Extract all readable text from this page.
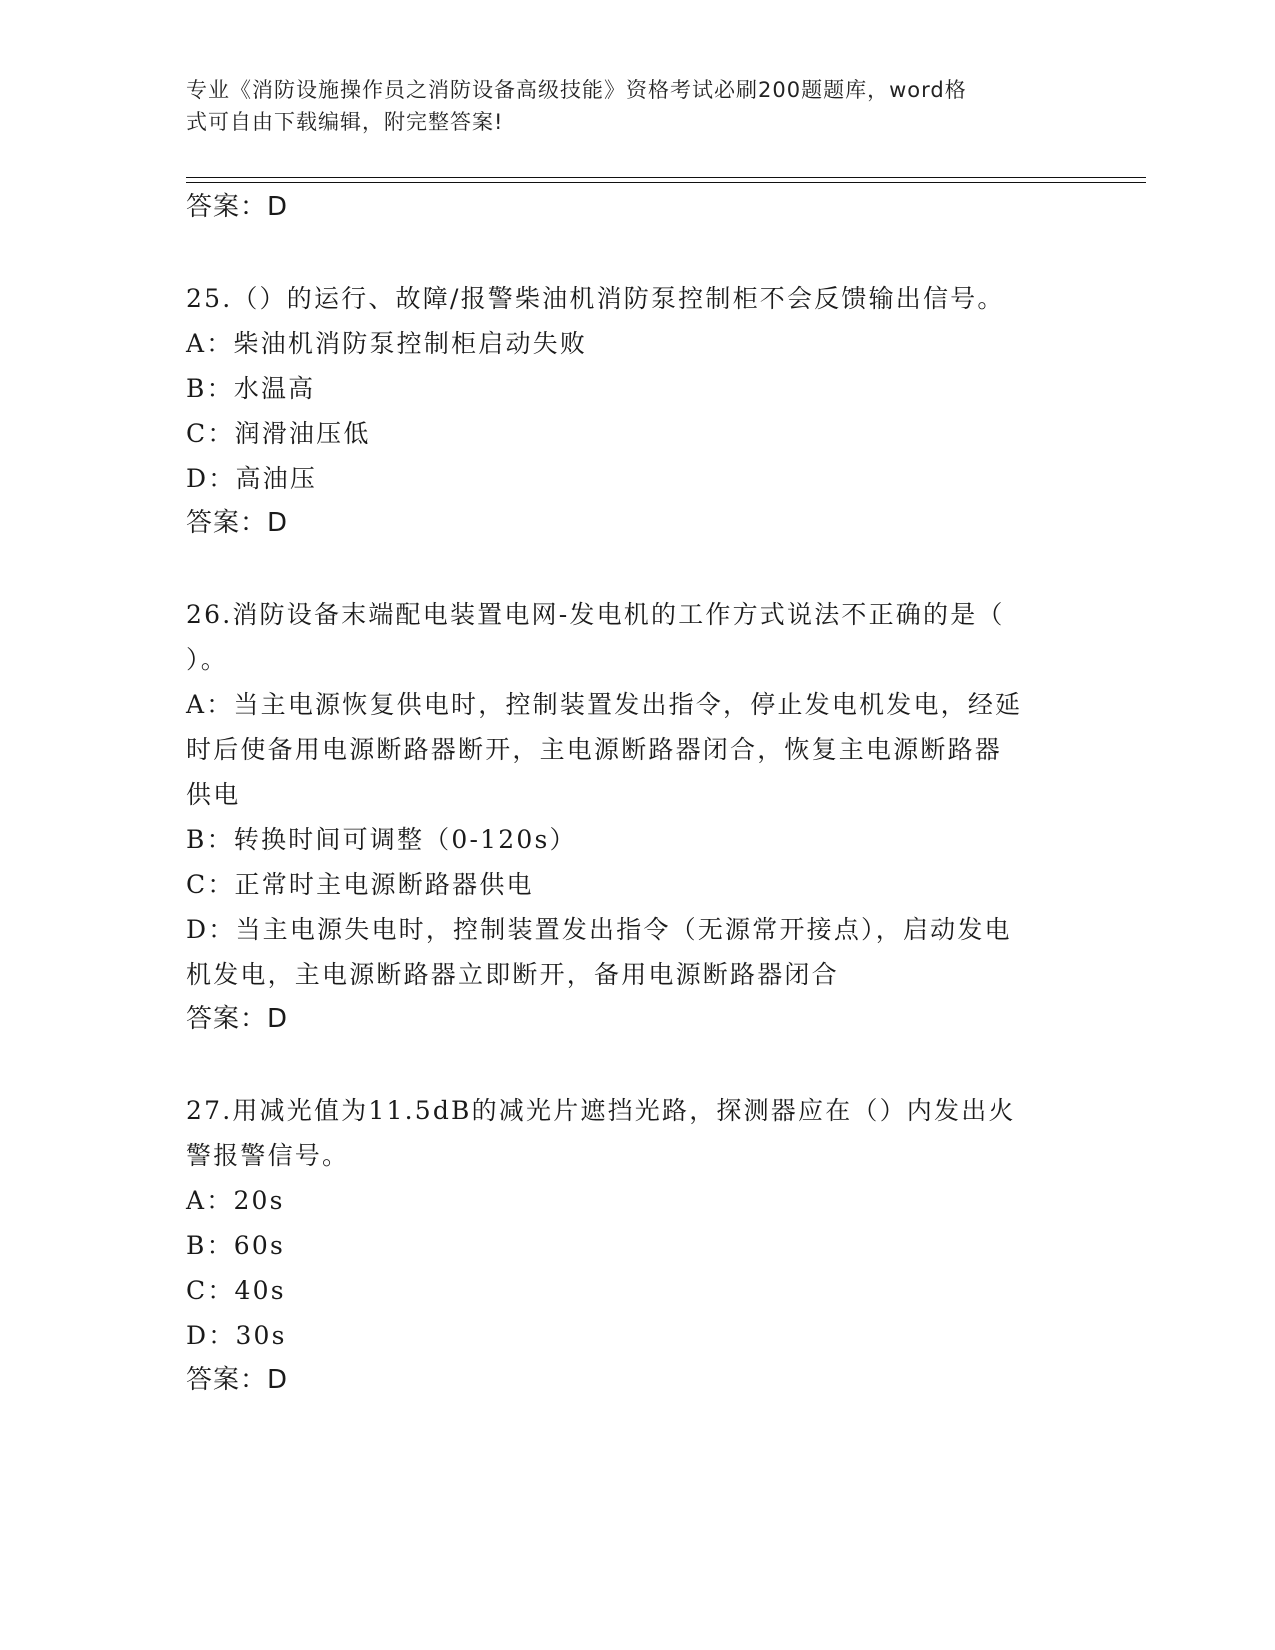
专业《消防设施操作员之消防设备高级技能》资格考试必刷200题题库，word格
式可自由下载编辑，附完整答案!
答案：D
25.（）的运行、故障/报警柴油机消防泵控制柜不会反馈输出信号。
A：柴油机消防泵控制柜启动失败
B：水温高
C：润滑油压低
D：高油压
答案：D
26.消防设备末端配电装置电网-发电机的工作方式说法不正确的是（
）。
A：当主电源恢复供电时，控制装置发出指令，停止发电机发电，经延
时后使备用电源断路器断开，主电源断路器闭合，恢复主电源断路器
供电
B：转换时间可调整（0-120s）
C：正常时主电源断路器供电
D：当主电源失电时，控制装置发出指令（无源常开接点），启动发电
机发电，主电源断路器立即断开，备用电源断路器闭合
答案：D
27.用减光值为11.5dB的减光片遮挡光路，探测器应在（）内发出火
警报警信号。
A：20s
B：60s
C：40s
D：30s
答案：D
